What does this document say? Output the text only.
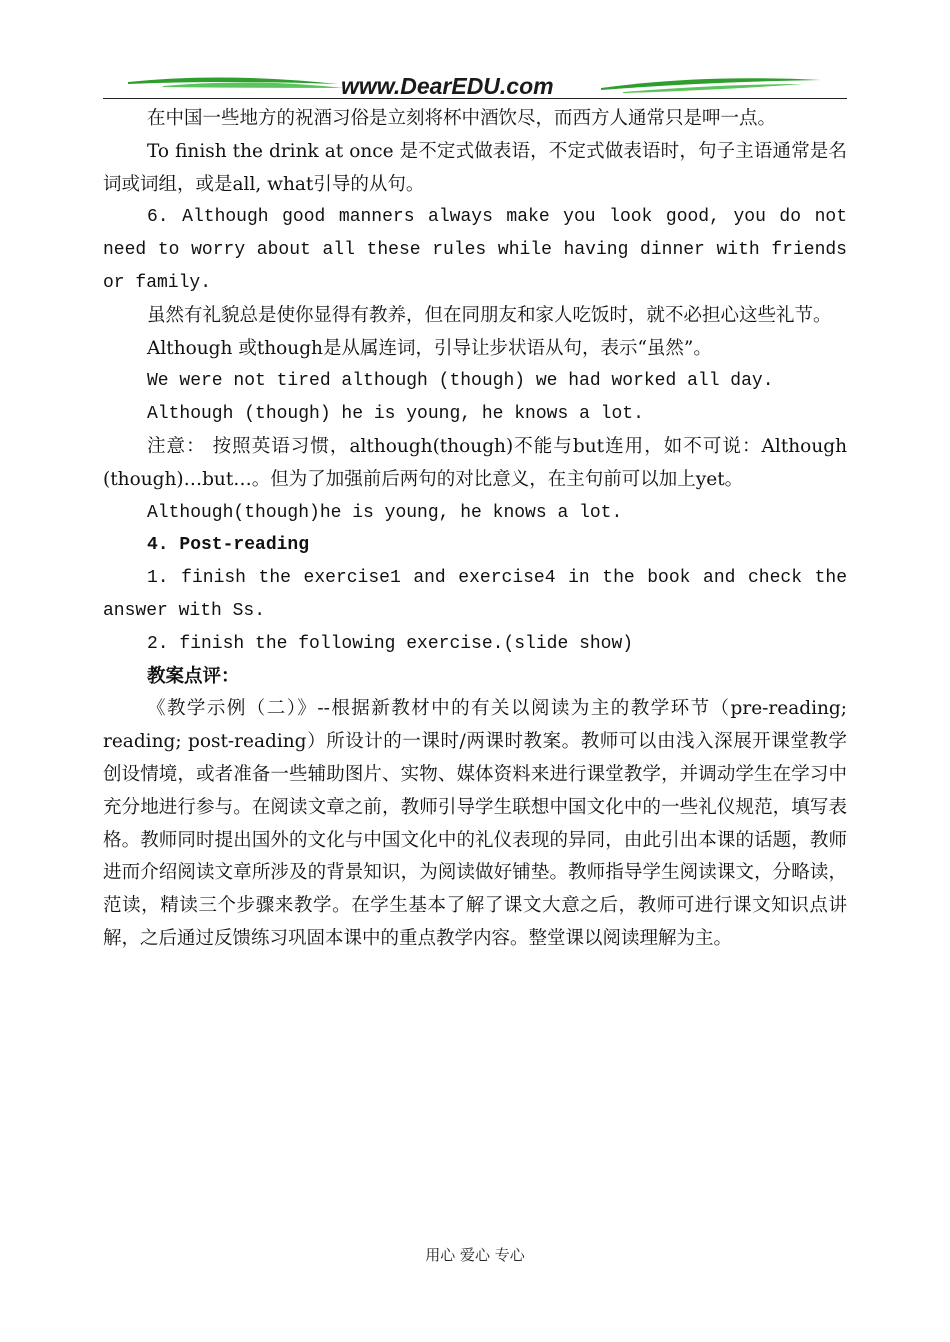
www.DearEDU.com

在中国一些地方的祝酒习俗是立刻将杯中酒饮尽，而西方人通常只是呷一点。

To finish the drink at once 是不定式做表语，不定式做表语时，句子主语通常是名词或词组，或是all, what引导的从句。

6. Although good manners always make you look good, you do not need to worry about all these rules while having dinner with friends or family.

虽然有礼貌总是使你显得有教养，但在同朋友和家人吃饭时，就不必担心这些礼节。

Although 或though是从属连词，引导让步状语从句，表示“虽然”。

We were not tired although (though) we had worked all day.

Although (though) he is young, he knows a lot.

注意： 按照英语习惯，although(though)不能与but连用，如不可说：Although (though)…but…。但为了加强前后两句的对比意义，在主句前可以加上yet。

Although(though)he is young, he knows a lot.

4. Post-reading

1. finish the exercise1 and exercise4 in the book and check the answer with Ss.

2. finish the following exercise.(slide show)

教案点评：

《教学示例（二）》--根据新教材中的有关以阅读为主的教学环节（pre-reading; reading; post-reading）所设计的一课时/两课时教案。教师可以由浅入深展开课堂教学创设情境，或者准备一些辅助图片、实物、媒体资料来进行课堂教学，并调动学生在学习中充分地进行参与。在阅读文章之前，教师引导学生联想中国文化中的一些礼仪规范，填写表格。教师同时提出国外的文化与中国文化中的礼仪表现的异同，由此引出本课的话题，教师进而介绍阅读文章所涉及的背景知识，为阅读做好铺垫。教师指导学生阅读课文，分略读，范读，精读三个步骤来教学。在学生基本了解了课文大意之后，教师可进行课文知识点讲解，之后通过反馈练习巩固本课中的重点教学内容。整堂课以阅读理解为主。

用心 爱心 专心
